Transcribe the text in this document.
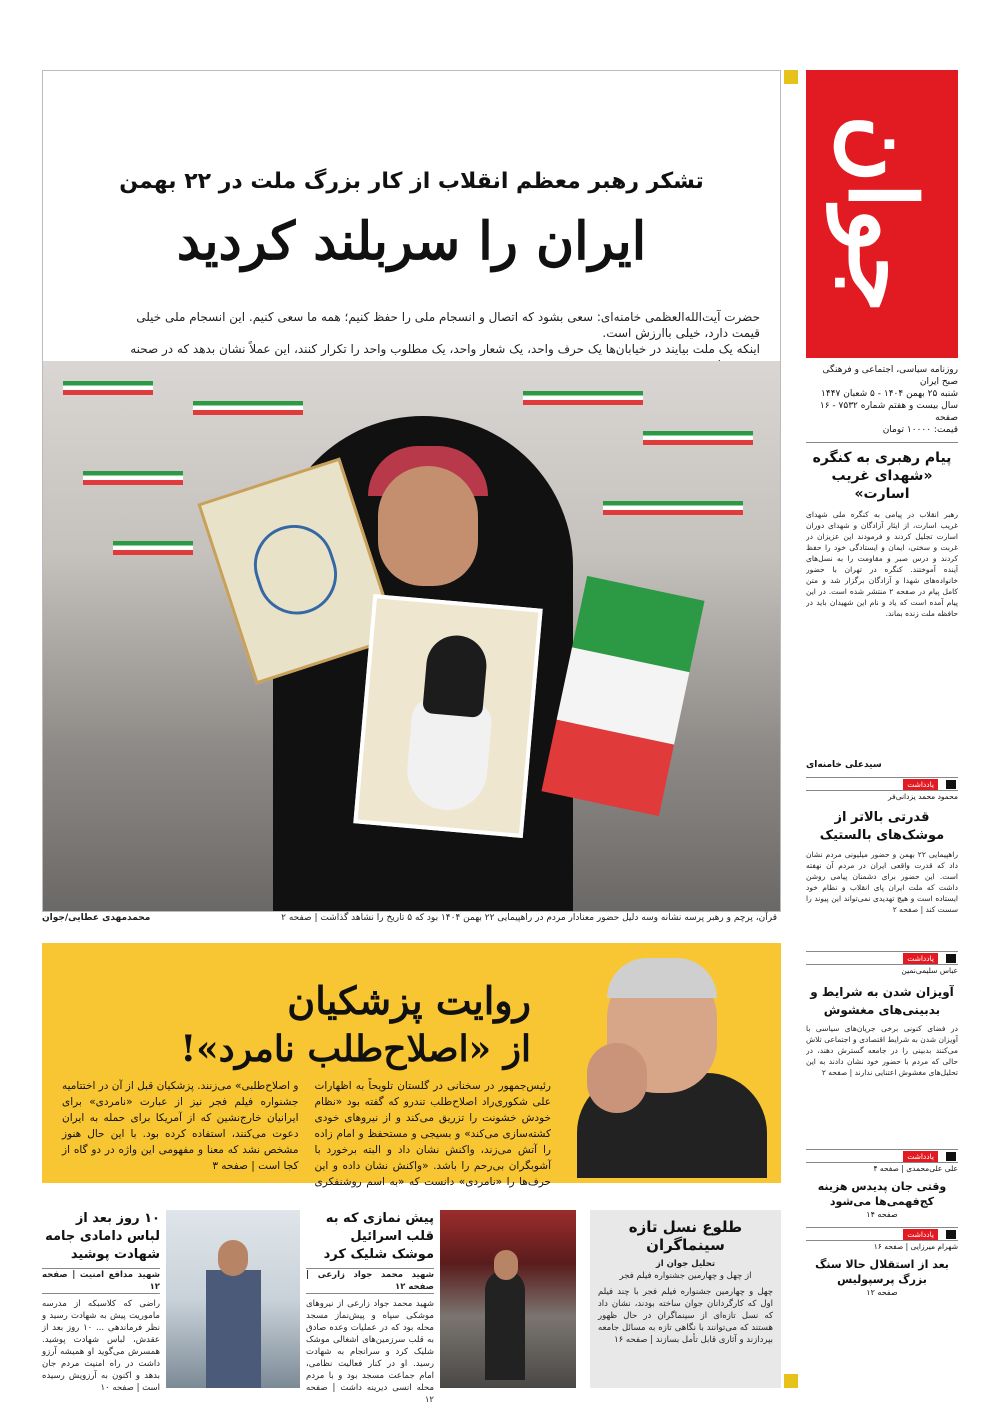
جوان
تشکر رهبر معظم انقلاب از کار بزرگ ملت در ۲۲ بهمن
ایران را سربلند کردید
حضرت آیت‌الله‌العظمی خامنه‌ای: سعی بشود که اتصال و انسجام ملی را حفظ کنیم؛ همه ما سعی کنیم. این انسجام ملی خیلی قیمت دارد، خیلی باارزش است.
اینکه یک ملت بیایند در خیابان‌ها یک حرف واحد، یک شعار واحد، یک مطلوب واحد را تکرار کنند، این عملاً نشان بدهد که در صحنه
قرآن، پرچم و رهبر پرسه نشانه وسه دلیل حضور معنادار مردم در راهپیمایی ۲۲ بهمن ۱۴۰۴ بود که ۵ تاریخ را نشاهد گذاشت | صفحه ۲
محمدمهدی عطایی/جوان
روایت پزشکیان
از «اصلاح‌طلب نامرد»!
رئیس‌جمهور در سخنانی در گلستان تلویحاً به اظهارات علی شکوری‌راد اصلاح‌طلب تندرو که گفته بود «نظام خودش خشونت را تزریق می‌کند و از نیروهای خودی کشته‌سازی می‌کند» و بسیجی و مستحفظ و امام زاده را آتش می‌زند، واکنش نشان داد و البته برخورد با آشوبگران بی‌رحم را باشد. «واکنش نشان داده و این حرف‌ها را «نامردی» دانست که «به اسم روشنفکری و اصلاح‌طلبی» می‌زنند. پزشکیان قبل از آن در اختتامیه جشنواره فیلم فجر نیز از عبارت «نامردی» برای ایرانیان خارج‌نشین که از آمریکا برای حمله به ایران دعوت می‌کنند، استفاده کرده بود. با این حال هنوز مشخص نشد که معنا و مفهومی این واژه در دو گاه از کجا است | صفحه ۳
طلوع نسل تازه سینماگران
تحلیل جوان از
از چهل و چهارمین جشنواره فیلم فجر
چهل و چهارمین جشنواره فیلم فجر با چند فیلم اول که کارگردانان جوان ساخته بودند، نشان داد که نسل تازه‌ای از سینماگران در حال ظهور هستند که می‌توانند با نگاهی تازه به مسائل جامعه بپردازند و آثاری قابل تأمل بسازند | صفحه ۱۶
پیش نمازی که به قلب اسرائیل موشک شلیک کرد
شهید محمد جواد زارعی | صفحه ۱۲
شهید محمد جواد زارعی از نیروهای موشکی سپاه و پیش‌نماز مسجد محله بود که در عملیات وعده صادق به قلب سرزمین‌های اشغالی موشک شلیک کرد و سرانجام به شهادت رسید. او در کنار فعالیت نظامی، امام جماعت مسجد بود و با مردم محله انسی دیرینه داشت | صفحه ۱۲
۱۰ روز بعد از لباس دامادی جامه شهادت پوشید
شهید مدافع امنیت | صفحه ۱۲
راضی که کلاسبکه از مدرسه ماموریت پیش به شهادت رسید و نظر فرماندهی ... ۱۰ روز بعد از عقدش، لباس شهادت پوشید. همسرش می‌گوید او همیشه آرزو داشت در راه امنیت مردم جان بدهد و اکنون به آرزویش رسیده است | صفحه ۱۰
روزنامه سیاسی، اجتماعی و فرهنگی صبح ایران
شنبه ۲۵ بهمن ۱۴۰۴ - ۵ شعبان ۱۴۴۷
سال بیست و هفتم شماره ۷۵۳۲ - ۱۶ صفحه
قیمت: ۱۰۰۰۰ تومان
پیام رهبری به کنگره «شهدای غریب اسارت»
رهبر انقلاب در پیامی به کنگره ملی شهدای غریب اسارت، از ایثار آزادگان و شهدای دوران اسارت تجلیل کردند و فرمودند این عزیزان در غربت و سختی، ایمان و ایستادگی خود را حفظ کردند و درس صبر و مقاومت را به نسل‌های آینده آموختند. کنگره در تهران با حضور خانواده‌های شهدا و آزادگان برگزار شد و متن کامل پیام در صفحه ۲ منتشر شده است. در این پیام آمده است که یاد و نام این شهیدان باید در حافظه ملت زنده بماند.
سیدعلی خامنه‌ای
یادداشت
محمود محمد یزدانی‌فر
قدرتی بالاتر از موشک‌های بالستیک
راهپیمایی ۲۲ بهمن و حضور میلیونی مردم نشان داد که قدرت واقعی ایران در مردم آن نهفته است. این حضور برای دشمنان پیامی روشن داشت که ملت ایران پای انقلاب و نظام خود ایستاده است و هیچ تهدیدی نمی‌تواند این پیوند را سست کند | صفحه ۲
یادداشت
عباس سلیمی‌نمین
آویزان شدن به شرایط و بدبینی‌های مغشوش
در فضای کنونی برخی جریان‌های سیاسی با آویزان شدن به شرایط اقتصادی و اجتماعی تلاش می‌کنند بدبینی را در جامعه گسترش دهند، در حالی که مردم با حضور خود نشان دادند به این تحلیل‌های مغشوش اعتنایی ندارند | صفحه ۲
یادداشت
علی علی‌محمدی | صفحه ۴
وقتی جان پدیدس هزینه کج‌فهمی‌ها می‌شود
صفحه ۱۴
یادداشت
شهرام میرزایی | صفحه ۱۶
بعد از استقلال حالا سنگ بزرگ پرسپولیس
صفحه ۱۲
